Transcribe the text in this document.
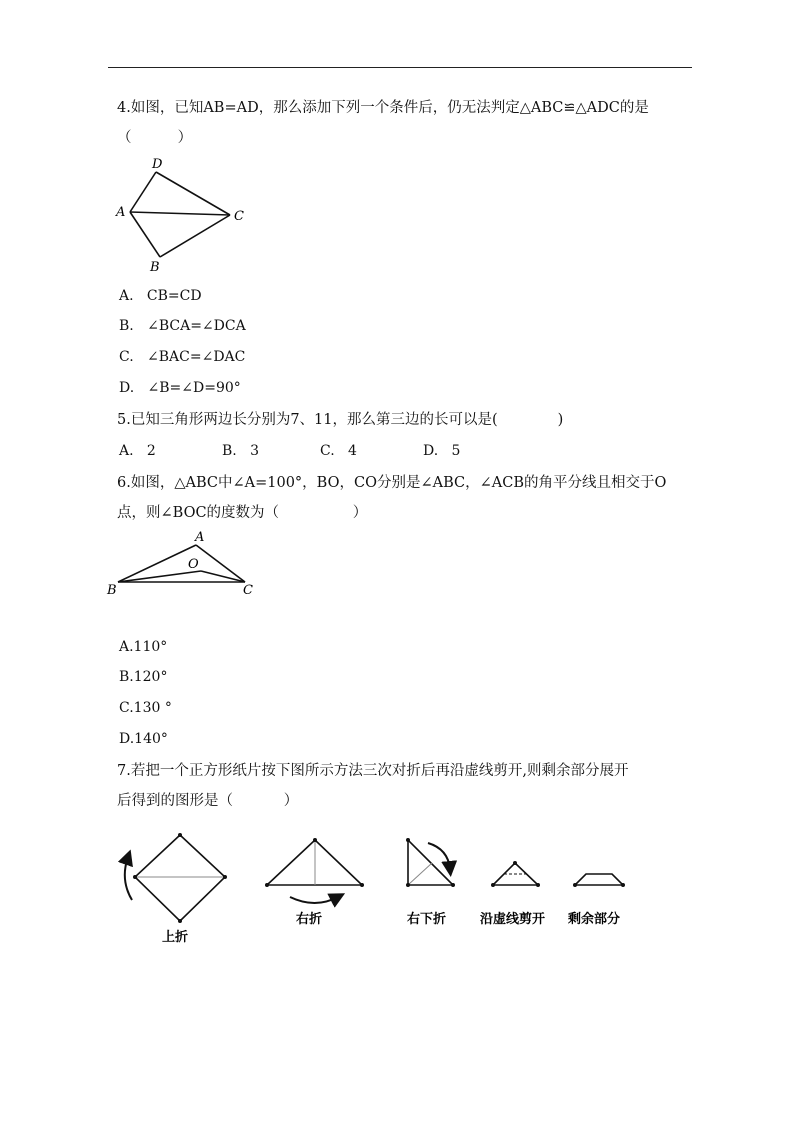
4.如图，已知AB=AD，那么添加下列一个条件后，仍无法判定△ABC≌△ADC的是
（          ）
D
A	C
B
A.   CB=CD
B.   ∠BCA=∠DCA
C.   ∠BAC=∠DAC
D.   ∠B=∠D=90°
5.已知三角形两边长分别为7、11，那么第三边的长可以是(             )
A.   2	B.   3	C.   4	D.   5
6.如图，△ABC中∠A=100°，BO，CO分别是∠ABC，∠ACB的角平分线且相交于O
点，则∠BOC的度数为（                ）
A
O
B	C
A.110°
B.120°
C.130 °
D.140°
7.若把一个正方形纸片按下图所示方法三次对折后再沿虚线剪开,则剩余部分展开
后得到的图形是（           ）
上折
右折	右下折	沿虚线剪开 剩余部分
